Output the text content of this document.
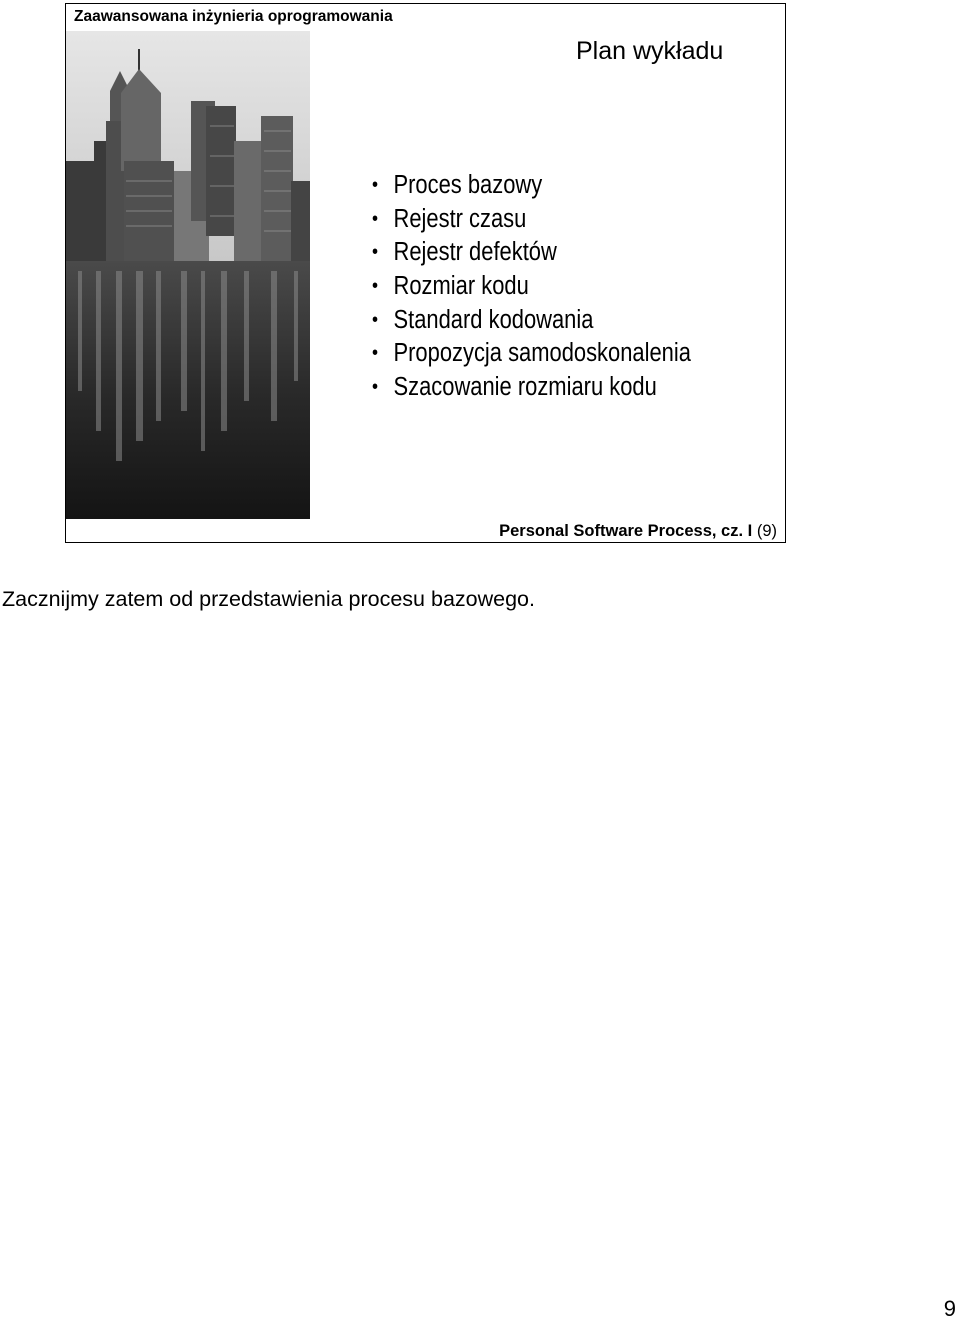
Zaawansowana inżynieria oprogramowania
Plan wykładu
• Proces bazowy
• Rejestr czasu
• Rejestr defektów
• Rozmiar kodu
• Standard kodowania
• Propozycja samodoskonalenia
• Szacowanie rozmiaru kodu
Personal Software Process, cz. I (9)
Zacznijmy zatem od przedstawienia procesu bazowego.
9
